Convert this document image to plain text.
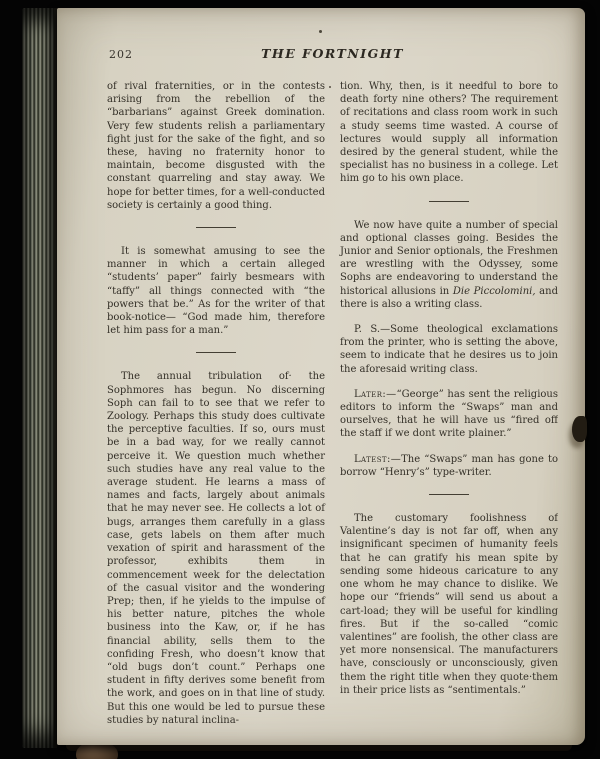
202	THE FORTNIGHT

of rival fraternities, or in the contests arising from the rebellion of the “barbarians” against Greek domination. Very few students relish a parliamentary fight just for the sake of the fight, and so these, having no fraternity honor to maintain, become disgusted with the constant quarreling and stay away. We hope for better times, for a well-conducted society is certainly a good thing.

It is somewhat amusing to see the manner in which a certain alleged “students’ paper” fairly besmears with “taffy” all things connected with “the powers that be.” As for the writer of that book-notice— “God made him, therefore let him pass for a man.”

The annual tribulation of· the Sophmores has begun. No discerning Soph can fail to to see that we refer to Zoology. Perhaps this study does cultivate the perceptive faculties. If so, ours must be in a bad way, for we really cannot perceive it. We question much whether such studies have any real value to the average student. He learns a mass of names and facts, largely about animals that he may never see. He collects a lot of bugs, arranges them carefully in a glass case, gets labels on them after much vexation of spirit and harassment of the professor, exhibits them in commencement week for the delectation of the casual visitor and the wondering Prep; then, if he yields to the impulse of his better nature, pitches the whole business into the Kaw, or, if he has financial ability, sells them to the confiding Fresh, who doesn’t know that “old bugs don’t count.” Perhaps one student in fifty derives some benefit from the work, and goes on in that line of study. But this one would be led to pursue these studies by natural inclina-

tion. Why, then, is it needful to bore to death forty nine others? The requirement of recitations and class room work in such a study seems time wasted. A course of lectures would supply all information desired by the general student, while the specialist has no business in a college. Let him go to his own place.

We now have quite a number of special and optional classes going. Besides the Junior and Senior optionals, the Freshmen are wrestling with the Odyssey, some Sophs are endeavoring to understand the historical allusions in Die Piccolomini, and there is also a writing class.

P. S.—Some theological exclamations from the printer, who is setting the above, seem to indicate that he desires us to join the aforesaid writing class.

Later:—“George” has sent the religious editors to inform the “Swaps” man and ourselves, that he will have us “fired off the staff if we dont write plainer.”

Latest:—The “Swaps” man has gone to borrow “Henry’s” type-writer.

The customary foolishness of Valentine’s day is not far off, when any insignificant specimen of humanity feels that he can gratify his mean spite by sending some hideous caricature to any one whom he may chance to dislike. We hope our “friends” will send us about a cart-load; they will be useful for kindling fires. But if the so-called “comic valentines” are foolish, the other class are yet more nonsensical. The manufacturers have, consciously or unconsciously, given them the right title when they quote·them in their price lists as “sentimentals.”
